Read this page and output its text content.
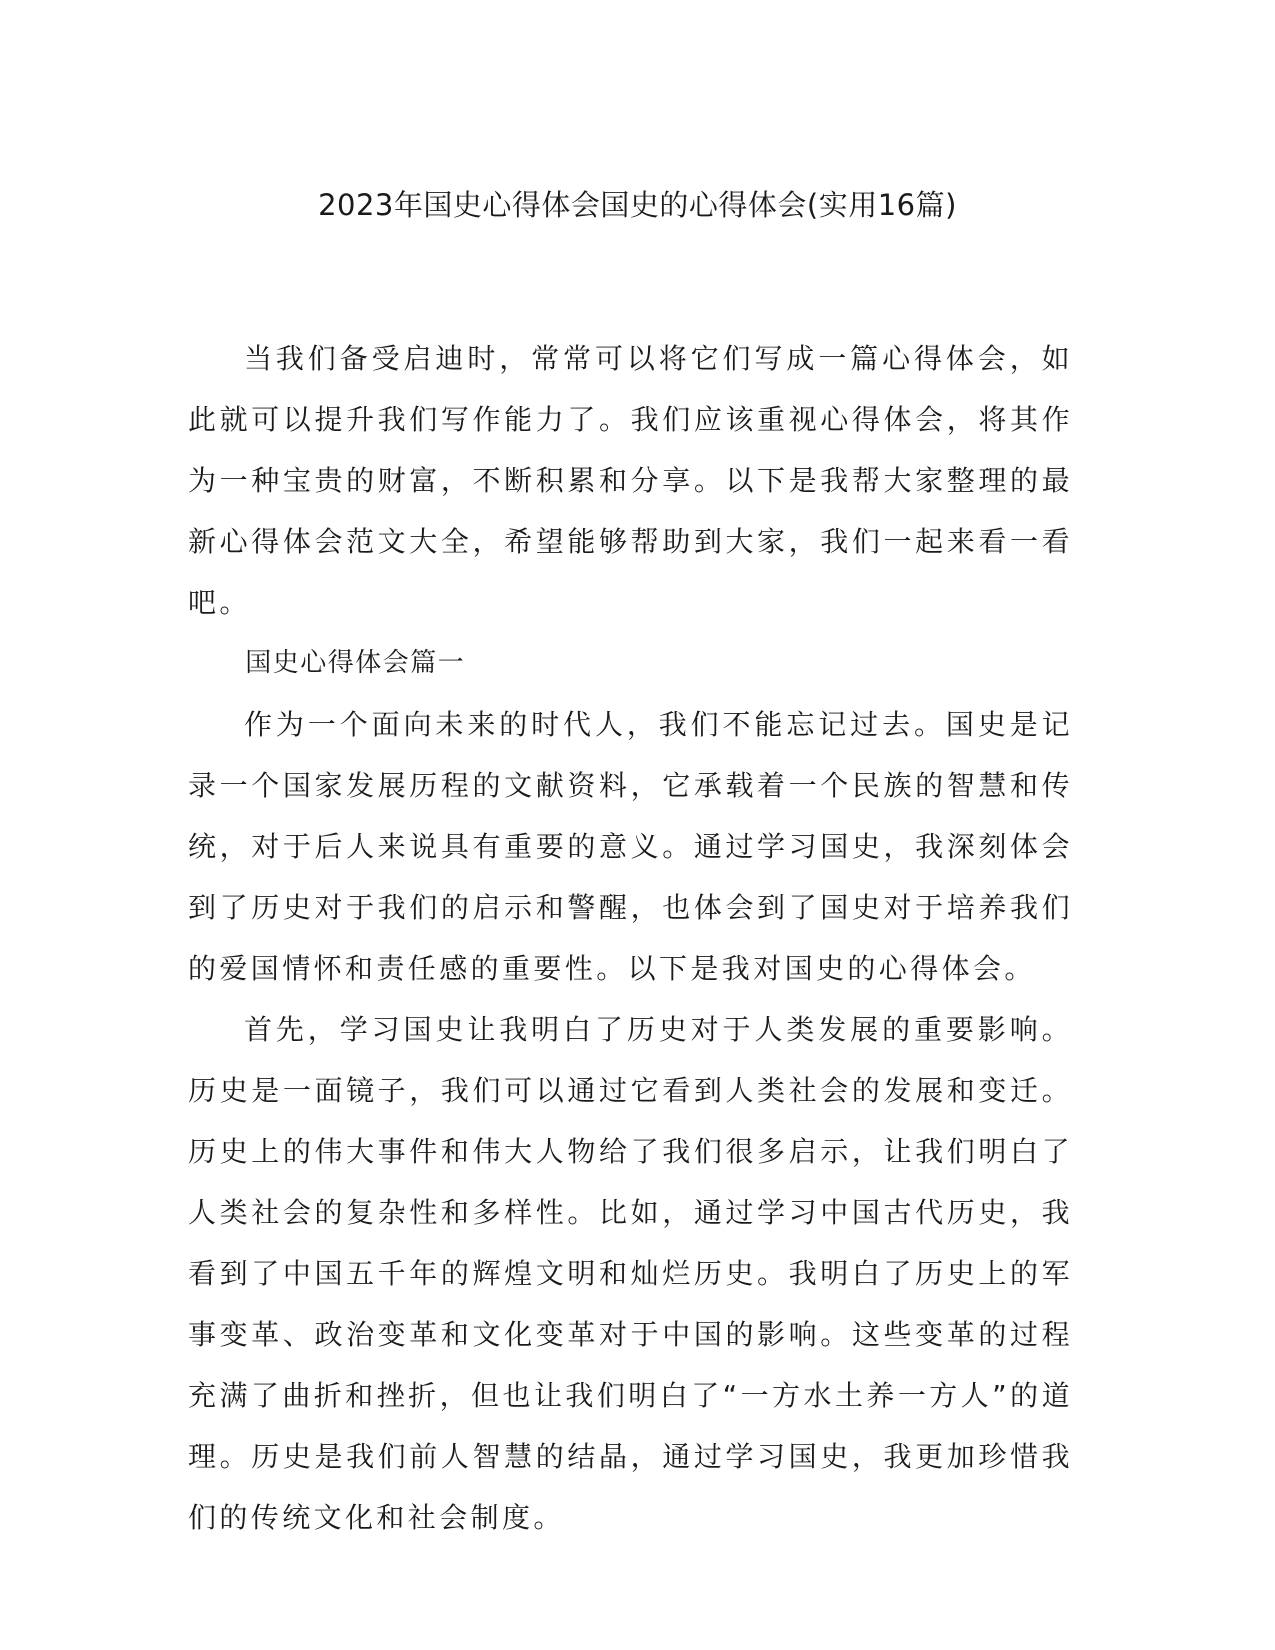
2023年国史心得体会国史的心得体会(实用16篇)

当我们备受启迪时，常常可以将它们写成一篇心得体会，如此就可以提升我们写作能力了。我们应该重视心得体会，将其作为一种宝贵的财富，不断积累和分享。以下是我帮大家整理的最新心得体会范文大全，希望能够帮助到大家，我们一起来看一看吧。

国史心得体会篇一

作为一个面向未来的时代人，我们不能忘记过去。国史是记录一个国家发展历程的文献资料，它承载着一个民族的智慧和传统，对于后人来说具有重要的意义。通过学习国史，我深刻体会到了历史对于我们的启示和警醒，也体会到了国史对于培养我们的爱国情怀和责任感的重要性。以下是我对国史的心得体会。

首先，学习国史让我明白了历史对于人类发展的重要影响。历史是一面镜子，我们可以通过它看到人类社会的发展和变迁。历史上的伟大事件和伟大人物给了我们很多启示，让我们明白了人类社会的复杂性和多样性。比如，通过学习中国古代历史，我看到了中国五千年的辉煌文明和灿烂历史。我明白了历史上的军事变革、政治变革和文化变革对于中国的影响。这些变革的过程充满了曲折和挫折，但也让我们明白了“一方水土养一方人”的道理。历史是我们前人智慧的结晶，通过学习国史，我更加珍惜我们的传统文化和社会制度。
